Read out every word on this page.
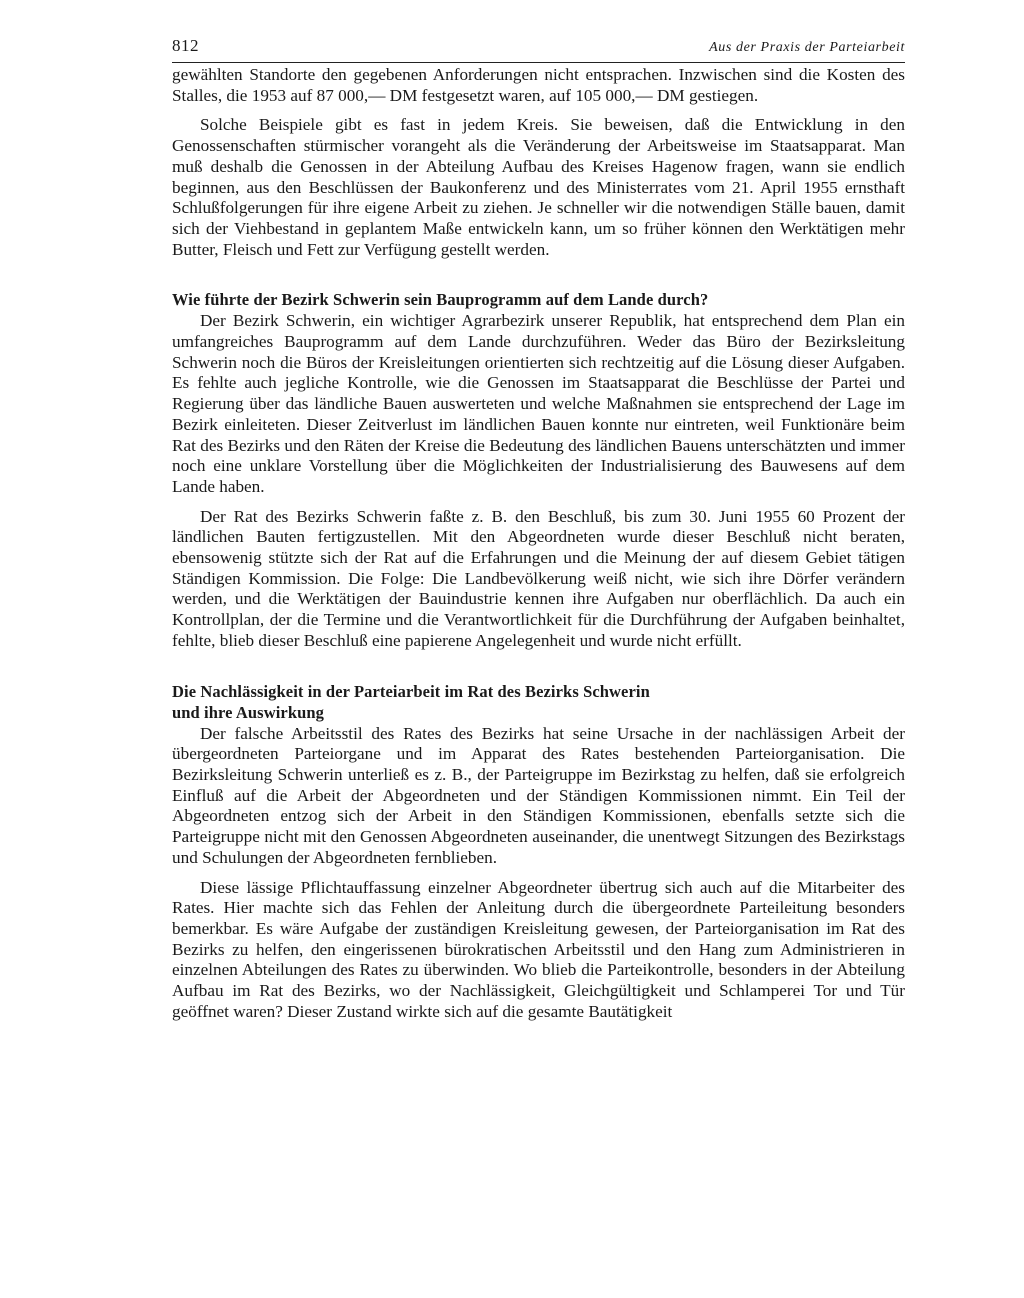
812	Aus der Praxis der Parteiarbeit

gewählten Standorte den gegebenen Anforderungen nicht entsprachen. Inzwischen sind die Kosten des Stalles, die 1953 auf 87 000,— DM festgesetzt waren, auf 105 000,— DM gestiegen.

Solche Beispiele gibt es fast in jedem Kreis. Sie beweisen, daß die Entwicklung in den Genossenschaften stürmischer vorangeht als die Veränderung der Arbeitsweise im Staatsapparat. Man muß deshalb die Genossen in der Abteilung Aufbau des Kreises Hagenow fragen, wann sie endlich beginnen, aus den Beschlüssen der Baukonferenz und des Ministerrates vom 21. April 1955 ernsthaft Schlußfolgerungen für ihre eigene Arbeit zu ziehen. Je schneller wir die notwendigen Ställe bauen, damit sich der Viehbestand in geplantem Maße entwickeln kann, um so früher können den Werktätigen mehr Butter, Fleisch und Fett zur Verfügung gestellt werden.

Wie führte der Bezirk Schwerin sein Bauprogramm auf dem Lande durch?

Der Bezirk Schwerin, ein wichtiger Agrarbezirk unserer Republik, hat entsprechend dem Plan ein umfangreiches Bauprogramm auf dem Lande durchzuführen. Weder das Büro der Bezirksleitung Schwerin noch die Büros der Kreisleitungen orientierten sich rechtzeitig auf die Lösung dieser Aufgaben. Es fehlte auch jegliche Kontrolle, wie die Genossen im Staatsapparat die Beschlüsse der Partei und Regierung über das ländliche Bauen auswerteten und welche Maßnahmen sie entsprechend der Lage im Bezirk einleiteten. Dieser Zeitverlust im ländlichen Bauen konnte nur eintreten, weil Funktionäre beim Rat des Bezirks und den Räten der Kreise die Bedeutung des ländlichen Bauens unterschätzten und immer noch eine unklare Vorstellung über die Möglichkeiten der Industrialisierung des Bauwesens auf dem Lande haben.

Der Rat des Bezirks Schwerin faßte z. B. den Beschluß, bis zum 30. Juni 1955 60 Prozent der ländlichen Bauten fertigzustellen. Mit den Abgeordneten wurde dieser Beschluß nicht beraten, ebensowenig stützte sich der Rat auf die Erfahrungen und die Meinung der auf diesem Gebiet tätigen Ständigen Kommission. Die Folge: Die Landbevölkerung weiß nicht, wie sich ihre Dörfer verändern werden, und die Werktätigen der Bauindustrie kennen ihre Aufgaben nur oberflächlich. Da auch ein Kontrollplan, der die Termine und die Verantwortlichkeit für die Durchführung der Aufgaben beinhaltet, fehlte, blieb dieser Beschluß eine papierene Angelegenheit und wurde nicht erfüllt.

Die Nachlässigkeit in der Parteiarbeit im Rat des Bezirks Schwerin
und ihre Auswirkung

Der falsche Arbeitsstil des Rates des Bezirks hat seine Ursache in der nachlässigen Arbeit der übergeordneten Parteiorgane und im Apparat des Rates bestehenden Parteiorganisation. Die Bezirksleitung Schwerin unterließ es z. B., der Parteigruppe im Bezirkstag zu helfen, daß sie erfolgreich Einfluß auf die Arbeit der Abgeordneten und der Ständigen Kommissionen nimmt. Ein Teil der Abgeordneten entzog sich der Arbeit in den Ständigen Kommissionen, ebenfalls setzte sich die Parteigruppe nicht mit den Genossen Abgeordneten auseinander, die unentwegt Sitzungen des Bezirkstags und Schulungen der Abgeordneten fernblieben.

Diese lässige Pflichtauffassung einzelner Abgeordneter übertrug sich auch auf die Mitarbeiter des Rates. Hier machte sich das Fehlen der Anleitung durch die übergeordnete Parteileitung besonders bemerkbar. Es wäre Aufgabe der zuständigen Kreisleitung gewesen, der Parteiorganisation im Rat des Bezirks zu helfen, den eingerissenen bürokratischen Arbeitsstil und den Hang zum Administrieren in einzelnen Abteilungen des Rates zu überwinden. Wo blieb die Parteikontrolle, besonders in der Abteilung Aufbau im Rat des Bezirks, wo der Nachlässigkeit, Gleichgültigkeit und Schlamperei Tor und Tür geöffnet waren? Dieser Zustand wirkte sich auf die gesamte Bautätigkeit
